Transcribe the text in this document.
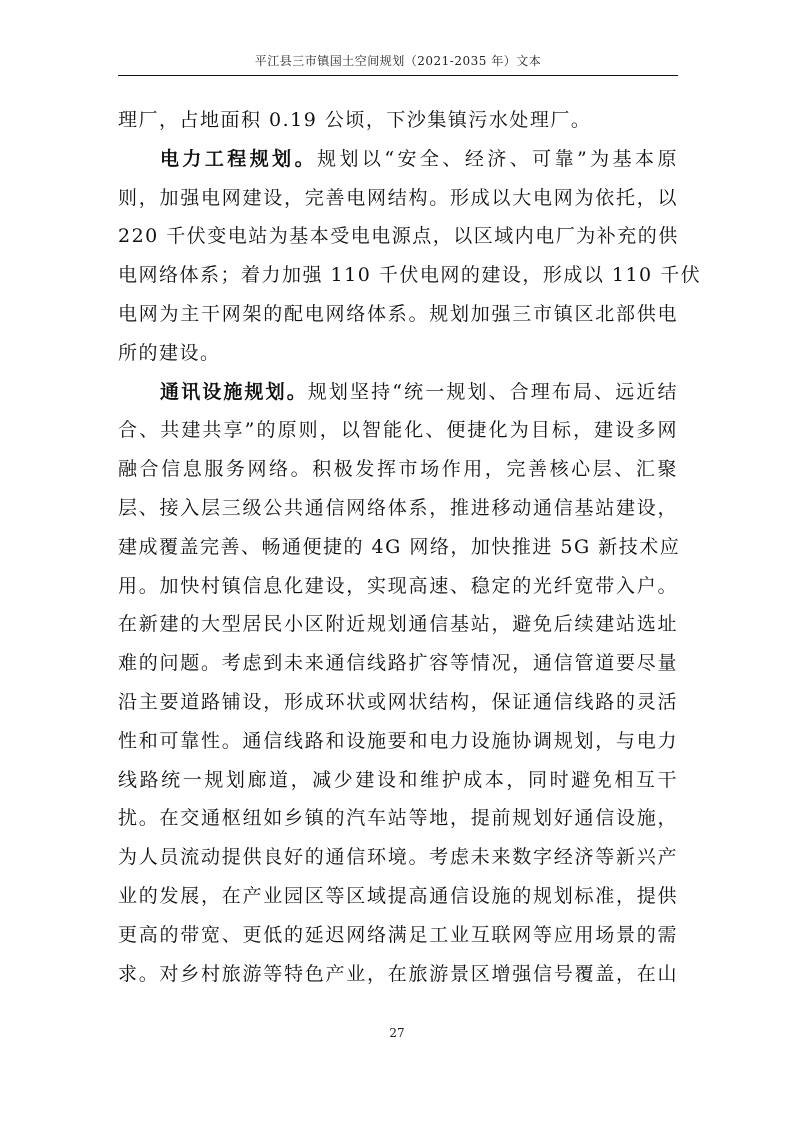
平江县三市镇国土空间规划（2021-2035 年）文本
理厂，占地面积 0.19 公顷，下沙集镇污水处理厂。
电力工程规划。规划以“安全、经济、可靠”为基本原
则，加强电网建设，完善电网结构。形成以大电网为依托，以
220 千伏变电站为基本受电电源点，以区域内电厂为补充的供
电网络体系；着力加强 110 千伏电网的建设，形成以 110 千伏
电网为主干网架的配电网络体系。规划加强三市镇区北部供电
所的建设。
通讯设施规划。规划坚持“统一规划、合理布局、远近结
合、共建共享”的原则，以智能化、便捷化为目标，建设多网
融合信息服务网络。积极发挥市场作用，完善核心层、汇聚
层、接入层三级公共通信网络体系，推进移动通信基站建设，
建成覆盖完善、畅通便捷的 4G 网络，加快推进 5G 新技术应
用。加快村镇信息化建设，实现高速、稳定的光纤宽带入户。
在新建的大型居民小区附近规划通信基站，避免后续建站选址
难的问题。考虑到未来通信线路扩容等情况，通信管道要尽量
沿主要道路铺设，形成环状或网状结构，保证通信线路的灵活
性和可靠性。通信线路和设施要和电力设施协调规划，与电力
线路统一规划廊道，减少建设和维护成本，同时避免相互干
扰。在交通枢纽如乡镇的汽车站等地，提前规划好通信设施，
为人员流动提供良好的通信环境。考虑未来数字经济等新兴产
业的发展，在产业园区等区域提高通信设施的规划标准，提供
更高的带宽、更低的延迟网络满足工业互联网等应用场景的需
求。对乡村旅游等特色产业，在旅游景区增强信号覆盖，在山
27
